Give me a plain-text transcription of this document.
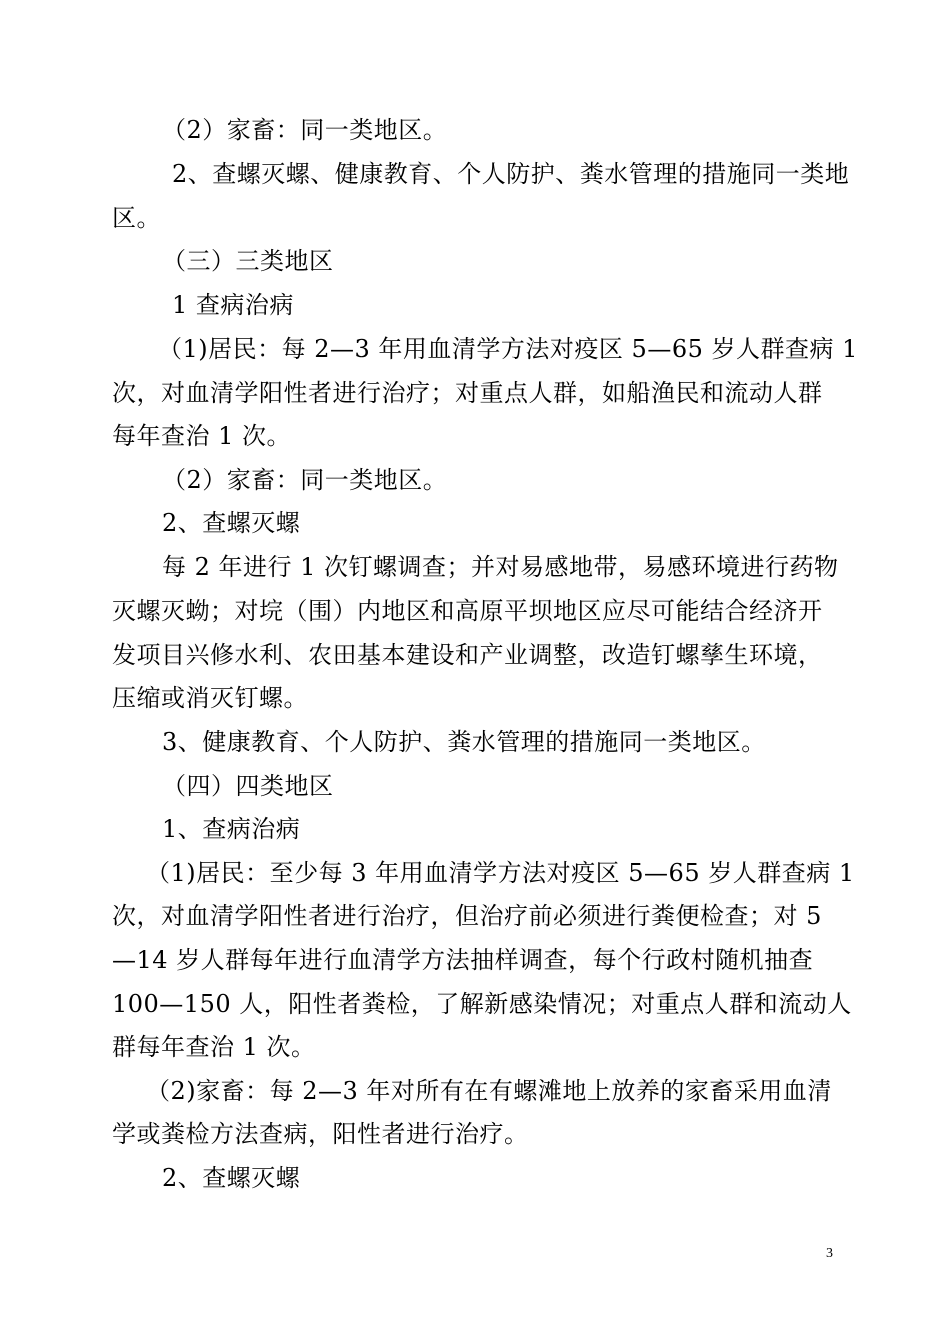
（2）家畜：同一类地区。
2、查螺灭螺、健康教育、个人防护、粪水管理的措施同一类地
区。
（三）三类地区
1 查病治病
（1)居民：每 2—3 年用血清学方法对疫区 5—65 岁人群查病 1
次，对血清学阳性者进行治疗；对重点人群，如船渔民和流动人群
每年查治 1 次。
（2）家畜：同一类地区。
2、查螺灭螺
每 2 年进行 1 次钉螺调查；并对易感地带，易感环境进行药物
灭螺灭蚴；对垸（围）内地区和高原平坝地区应尽可能结合经济开
发项目兴修水利、农田基本建设和产业调整，改造钉螺孳生环境，
压缩或消灭钉螺。
3、健康教育、个人防护、粪水管理的措施同一类地区。
（四）四类地区
1、查病治病
（1)居民：至少每 3 年用血清学方法对疫区 5—65 岁人群查病 1
次，对血清学阳性者进行治疗，但治疗前必须进行粪便检查；对 5
—14 岁人群每年进行血清学方法抽样调查，每个行政村随机抽查
100—150 人，阳性者粪检，了解新感染情况；对重点人群和流动人
群每年查治 1 次。
（2)家畜：每 2—3 年对所有在有螺滩地上放养的家畜采用血清
学或粪检方法查病，阳性者进行治疗。
2、查螺灭螺
3
